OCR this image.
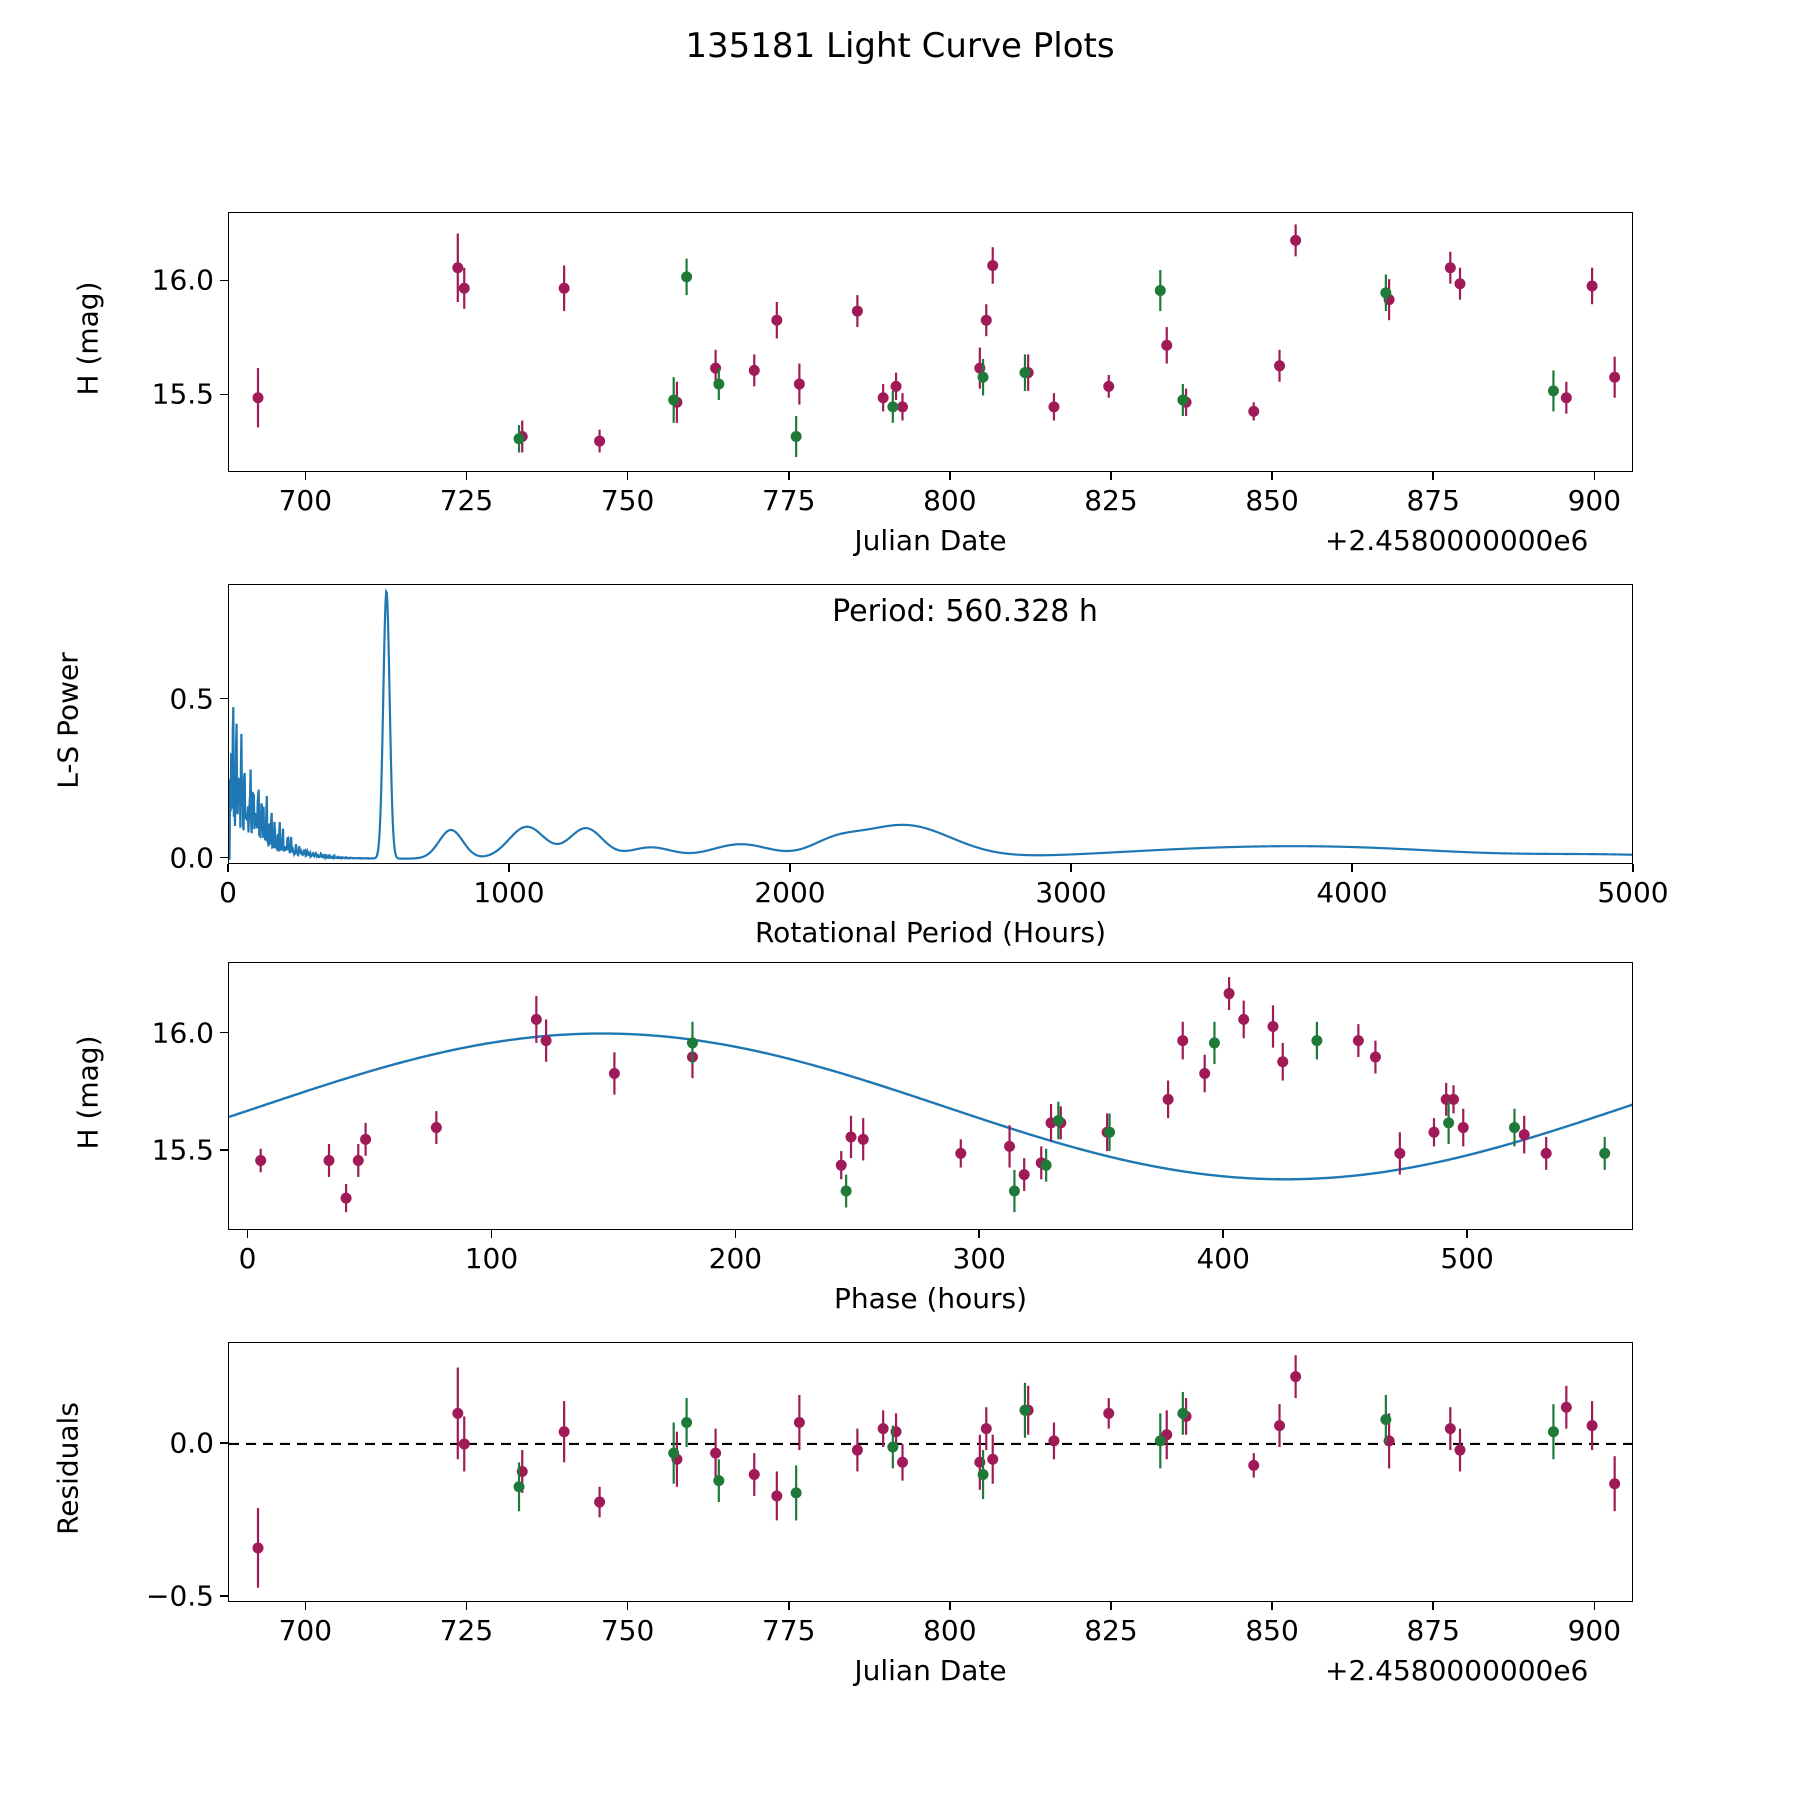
135181 Light Curve Plots
H (mag)
Julian Date	+2.4580000000e6
L-S Power
Rotational Period (Hours)
Period: 560.328 h
H (mag)
Phase (hours)
Residuals
Julian Date	+2.4580000000e6
700	725	750	775	800	825	850	875	900
15.5
16.0
0	1000	2000	3000	4000	5000
0.0
0.5
0	100	200	300	400	500
15.5
16.0
700	725	750	775	800	825	850	875	900
−0.5
0.0
